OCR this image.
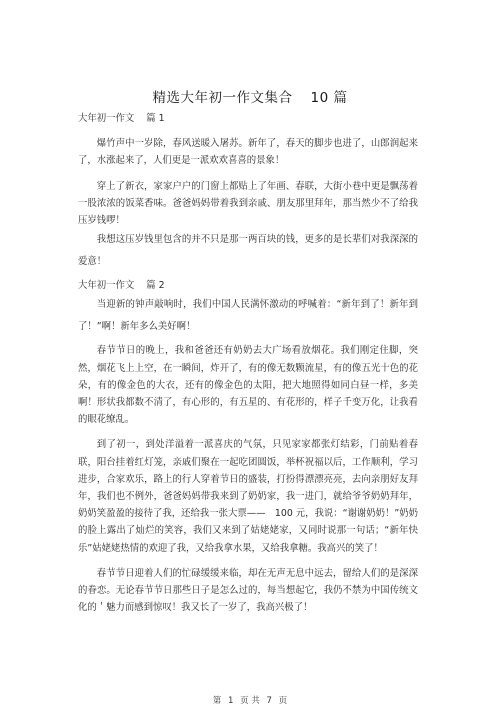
精选大年初一作文集合 10 篇
大年初一作文 篇 1

爆竹声中一岁除，春风送暖入屠苏。新年了，春天的脚步也进了，山郎润起来了，水涨起来了，人们更是一派欢欢喜喜的景象！

穿上了新衣，家家户户的门窗上都贴上了年画、春联，大街小巷中更是飘荡着一股浓浓的饭菜香味。爸爸妈妈带着我到亲戚、朋友那里拜年，那当然少不了给我压岁钱啰！

我想这压岁钱里包含的并不只是那一两百块的钱，更多的是长辈们对我深深的爱意！

大年初一作文 篇 2

当迎新的钟声敲响时，我们中国人民满怀激动的呼喊着：“新年到了！新年到了！”啊！新年多么美好啊！

春节节日的晚上，我和爸爸还有奶奶去大广场看放烟花。我们刚定住脚，突然，烟花飞上上空，在一瞬间，炸开了，有的像无数颗流星，有的像五光十色的花朵，有的像金色的大衣，还有的像金色的太阳，把大地照得如同白昼一样，多美啊！形状我都数不清了，有心形的，有五星的、有花形的，样子千变万化，让我看的眼花缭乱。

到了初一，到处洋溢着一派喜庆的气氛，只见家家都张灯结彩，门前贴着春联，阳台挂着红灯笼，亲戚们聚在一起吃团圆饭，举杯祝福以后，工作顺利，学习进步，合家欢乐，路上的行人穿着节日的盛装，打扮得漂漂亮亮，去向亲朋好友拜年，我们也不例外，爸爸妈妈带我来到了奶奶家，我一进门，就给爷爷奶奶拜年，奶奶笑盈盈的接待了我，还给我一张大票——　100 元，我说：“谢谢奶奶！”奶奶的脸上露出了灿烂的笑容，我们又来到了姑姥姥家，又同时说那一句话；“新年快乐”姑姥姥热情的欢迎了我，又给我拿水果，又给我拿糖。我高兴的笑了！

春节节日迎着人们的忙碌缓缓来临，却在无声无息中远去，留给人们的是深深的眷恋。无论春节节日那些日子是怎么过的，每当想起它，我仍不禁为中国传统文化的＇魅力而感到惊叹！我又长了一岁了，我高兴极了！

第 1 页 共 7 页
